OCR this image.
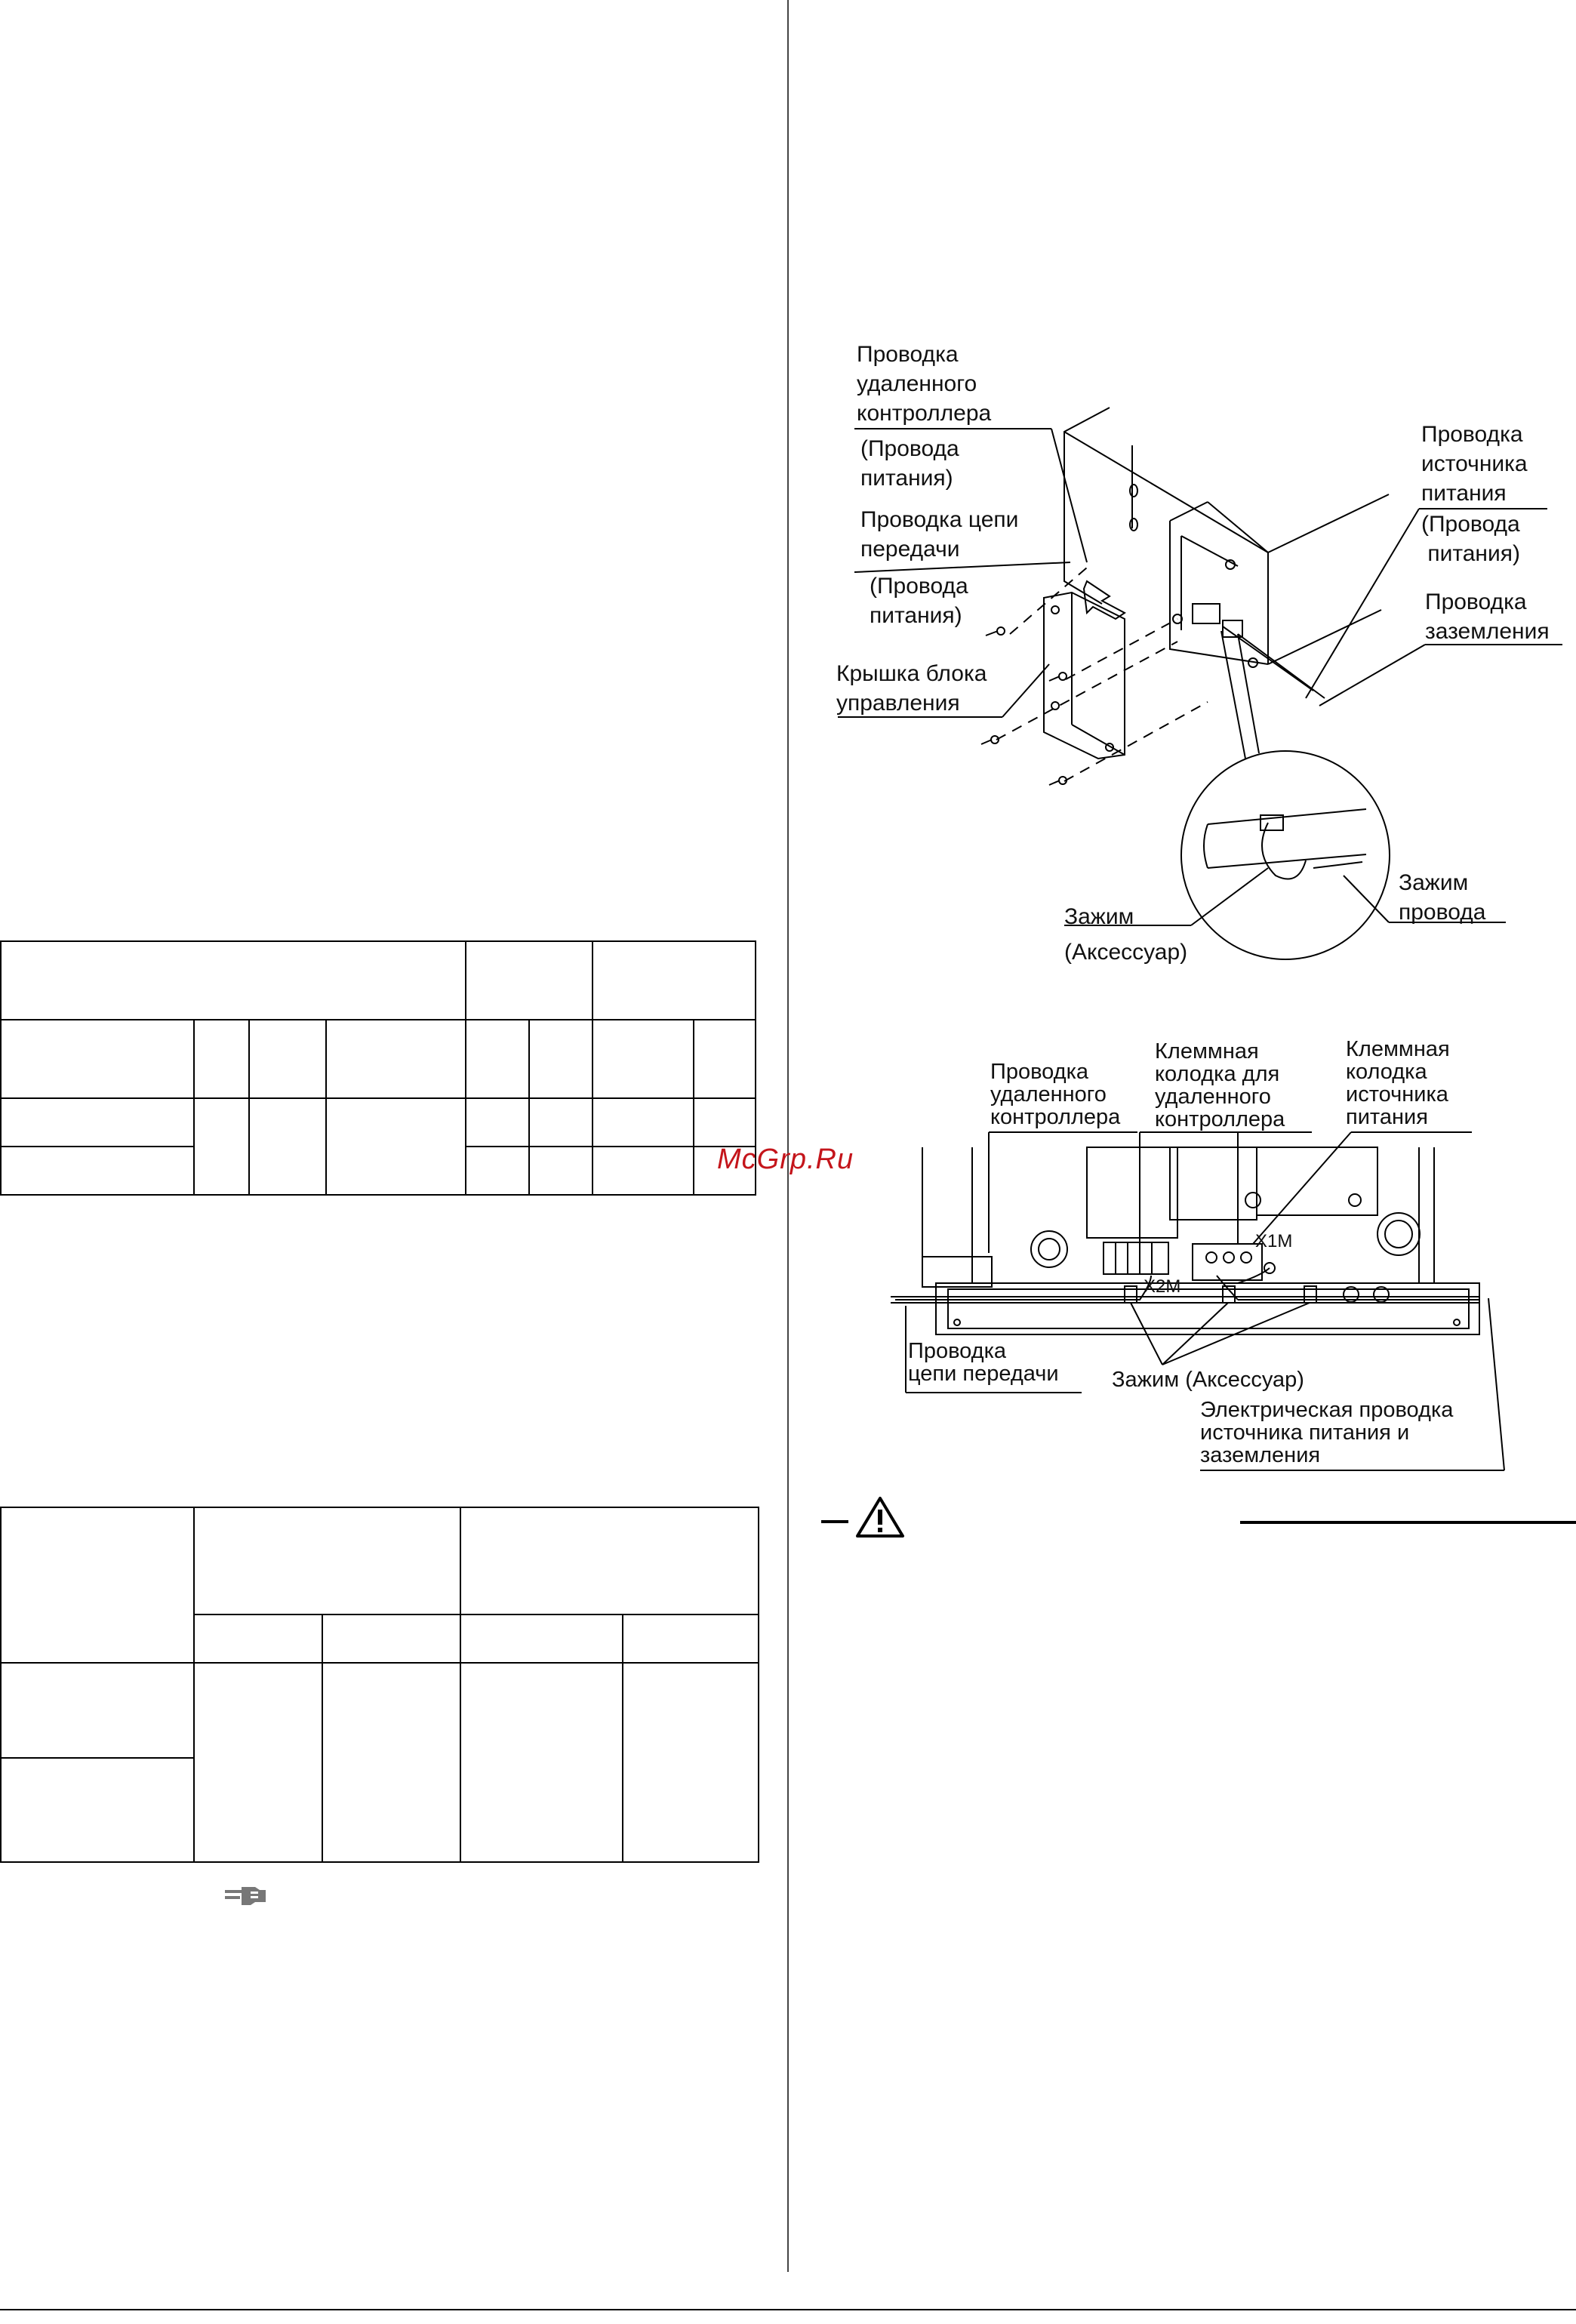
McGrp.Ru

Проводка
удаленного
контроллера
(Провода
питания)
Проводка цепи
передачи
(Провода
питания)
Крышка блока
управления
Проводка
источника
питания
(Провода
питания)
Проводка
заземления
Зажим
(Аксессуар)
Зажим
провода
Проводка
удаленного
контроллера
Клеммная
колодка для
удаленного
контроллера
Клеммная
колодка
источника
питания
X1M
X2M
Проводка
цепи передачи Зажим (Аксессуар)
Электрическая проводка
источника питания и
заземления
